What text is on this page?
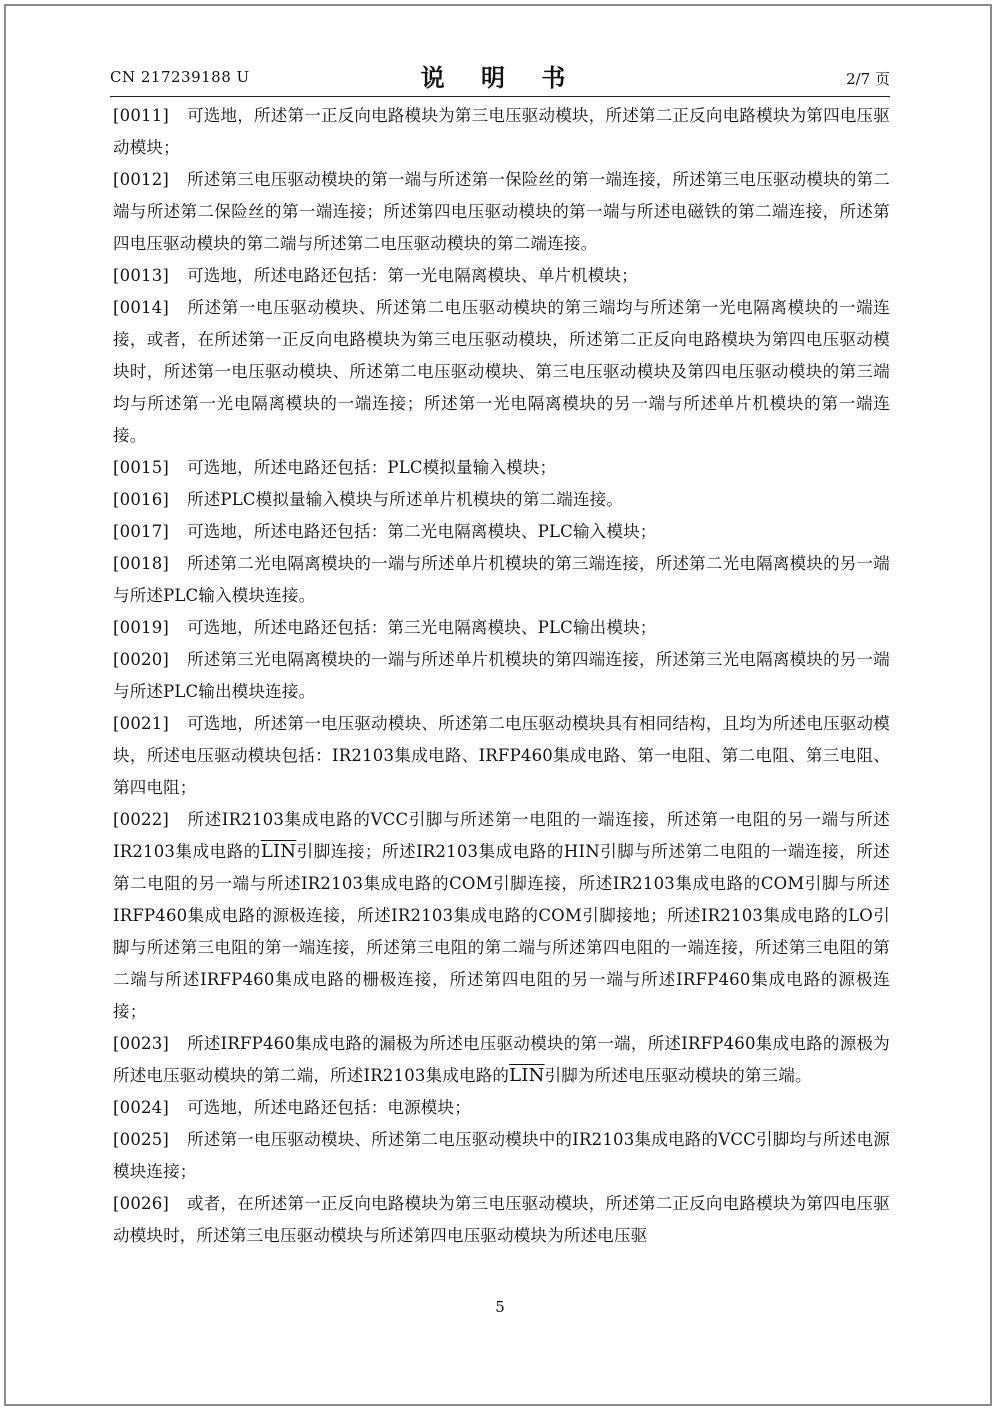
CN 217239188 U	说 明 书	2/7 页

[0011] 可选地，所述第一正反向电路模块为第三电压驱动模块，所述第二正反向电路模块为第四电压驱动模块；

[0012] 所述第三电压驱动模块的第一端与所述第一保险丝的第一端连接，所述第三电压驱动模块的第二端与所述第二保险丝的第一端连接；所述第四电压驱动模块的第一端与所述电磁铁的第二端连接，所述第四电压驱动模块的第二端与所述第二电压驱动模块的第二端连接。

[0013] 可选地，所述电路还包括：第一光电隔离模块、单片机模块；

[0014] 所述第一电压驱动模块、所述第二电压驱动模块的第三端均与所述第一光电隔离模块的一端连接，或者，在所述第一正反向电路模块为第三电压驱动模块，所述第二正反向电路模块为第四电压驱动模块时，所述第一电压驱动模块、所述第二电压驱动模块、第三电压驱动模块及第四电压驱动模块的第三端均与所述第一光电隔离模块的一端连接；所述第一光电隔离模块的另一端与所述单片机模块的第一端连接。

[0015] 可选地，所述电路还包括：PLC模拟量输入模块；

[0016] 所述PLC模拟量输入模块与所述单片机模块的第二端连接。

[0017] 可选地，所述电路还包括：第二光电隔离模块、PLC输入模块；

[0018] 所述第二光电隔离模块的一端与所述单片机模块的第三端连接，所述第二光电隔离模块的另一端与所述PLC输入模块连接。

[0019] 可选地，所述电路还包括：第三光电隔离模块、PLC输出模块；

[0020] 所述第三光电隔离模块的一端与所述单片机模块的第四端连接，所述第三光电隔离模块的另一端与所述PLC输出模块连接。

[0021] 可选地，所述第一电压驱动模块、所述第二电压驱动模块具有相同结构，且均为所述电压驱动模块，所述电压驱动模块包括：IR2103集成电路、IRFP460集成电路、第一电阻、第二电阻、第三电阻、第四电阻；

[0022] 所述IR2103集成电路的VCC引脚与所述第一电阻的一端连接，所述第一电阻的另一端与所述IR2103集成电路的$\overline{LIN}$引脚连接；所述IR2103集成电路的HIN引脚与所述第二电阻的一端连接，所述第二电阻的另一端与所述IR2103集成电路的COM引脚连接，所述IR2103集成电路的COM引脚与所述IRFP460集成电路的源极连接，所述IR2103集成电路的COM引脚接地；所述IR2103集成电路的LO引脚与所述第三电阻的第一端连接，所述第三电阻的第二端与所述第四电阻的一端连接，所述第三电阻的第二端与所述IRFP460集成电路的栅极连接，所述第四电阻的另一端与所述IRFP460集成电路的源极连接；

[0023] 所述IRFP460集成电路的漏极为所述电压驱动模块的第一端，所述IRFP460集成电路的源极为所述电压驱动模块的第二端，所述IR2103集成电路的$\overline{LIN}$引脚为所述电压驱动模块的第三端。

[0024] 可选地，所述电路还包括：电源模块；

[0025] 所述第一电压驱动模块、所述第二电压驱动模块中的IR2103集成电路的VCC引脚均与所述电源模块连接；

[0026] 或者，在所述第一正反向电路模块为第三电压驱动模块，所述第二正反向电路模块为第四电压驱动模块时，所述第三电压驱动模块与所述第四电压驱动模块为所述电压驱

5
